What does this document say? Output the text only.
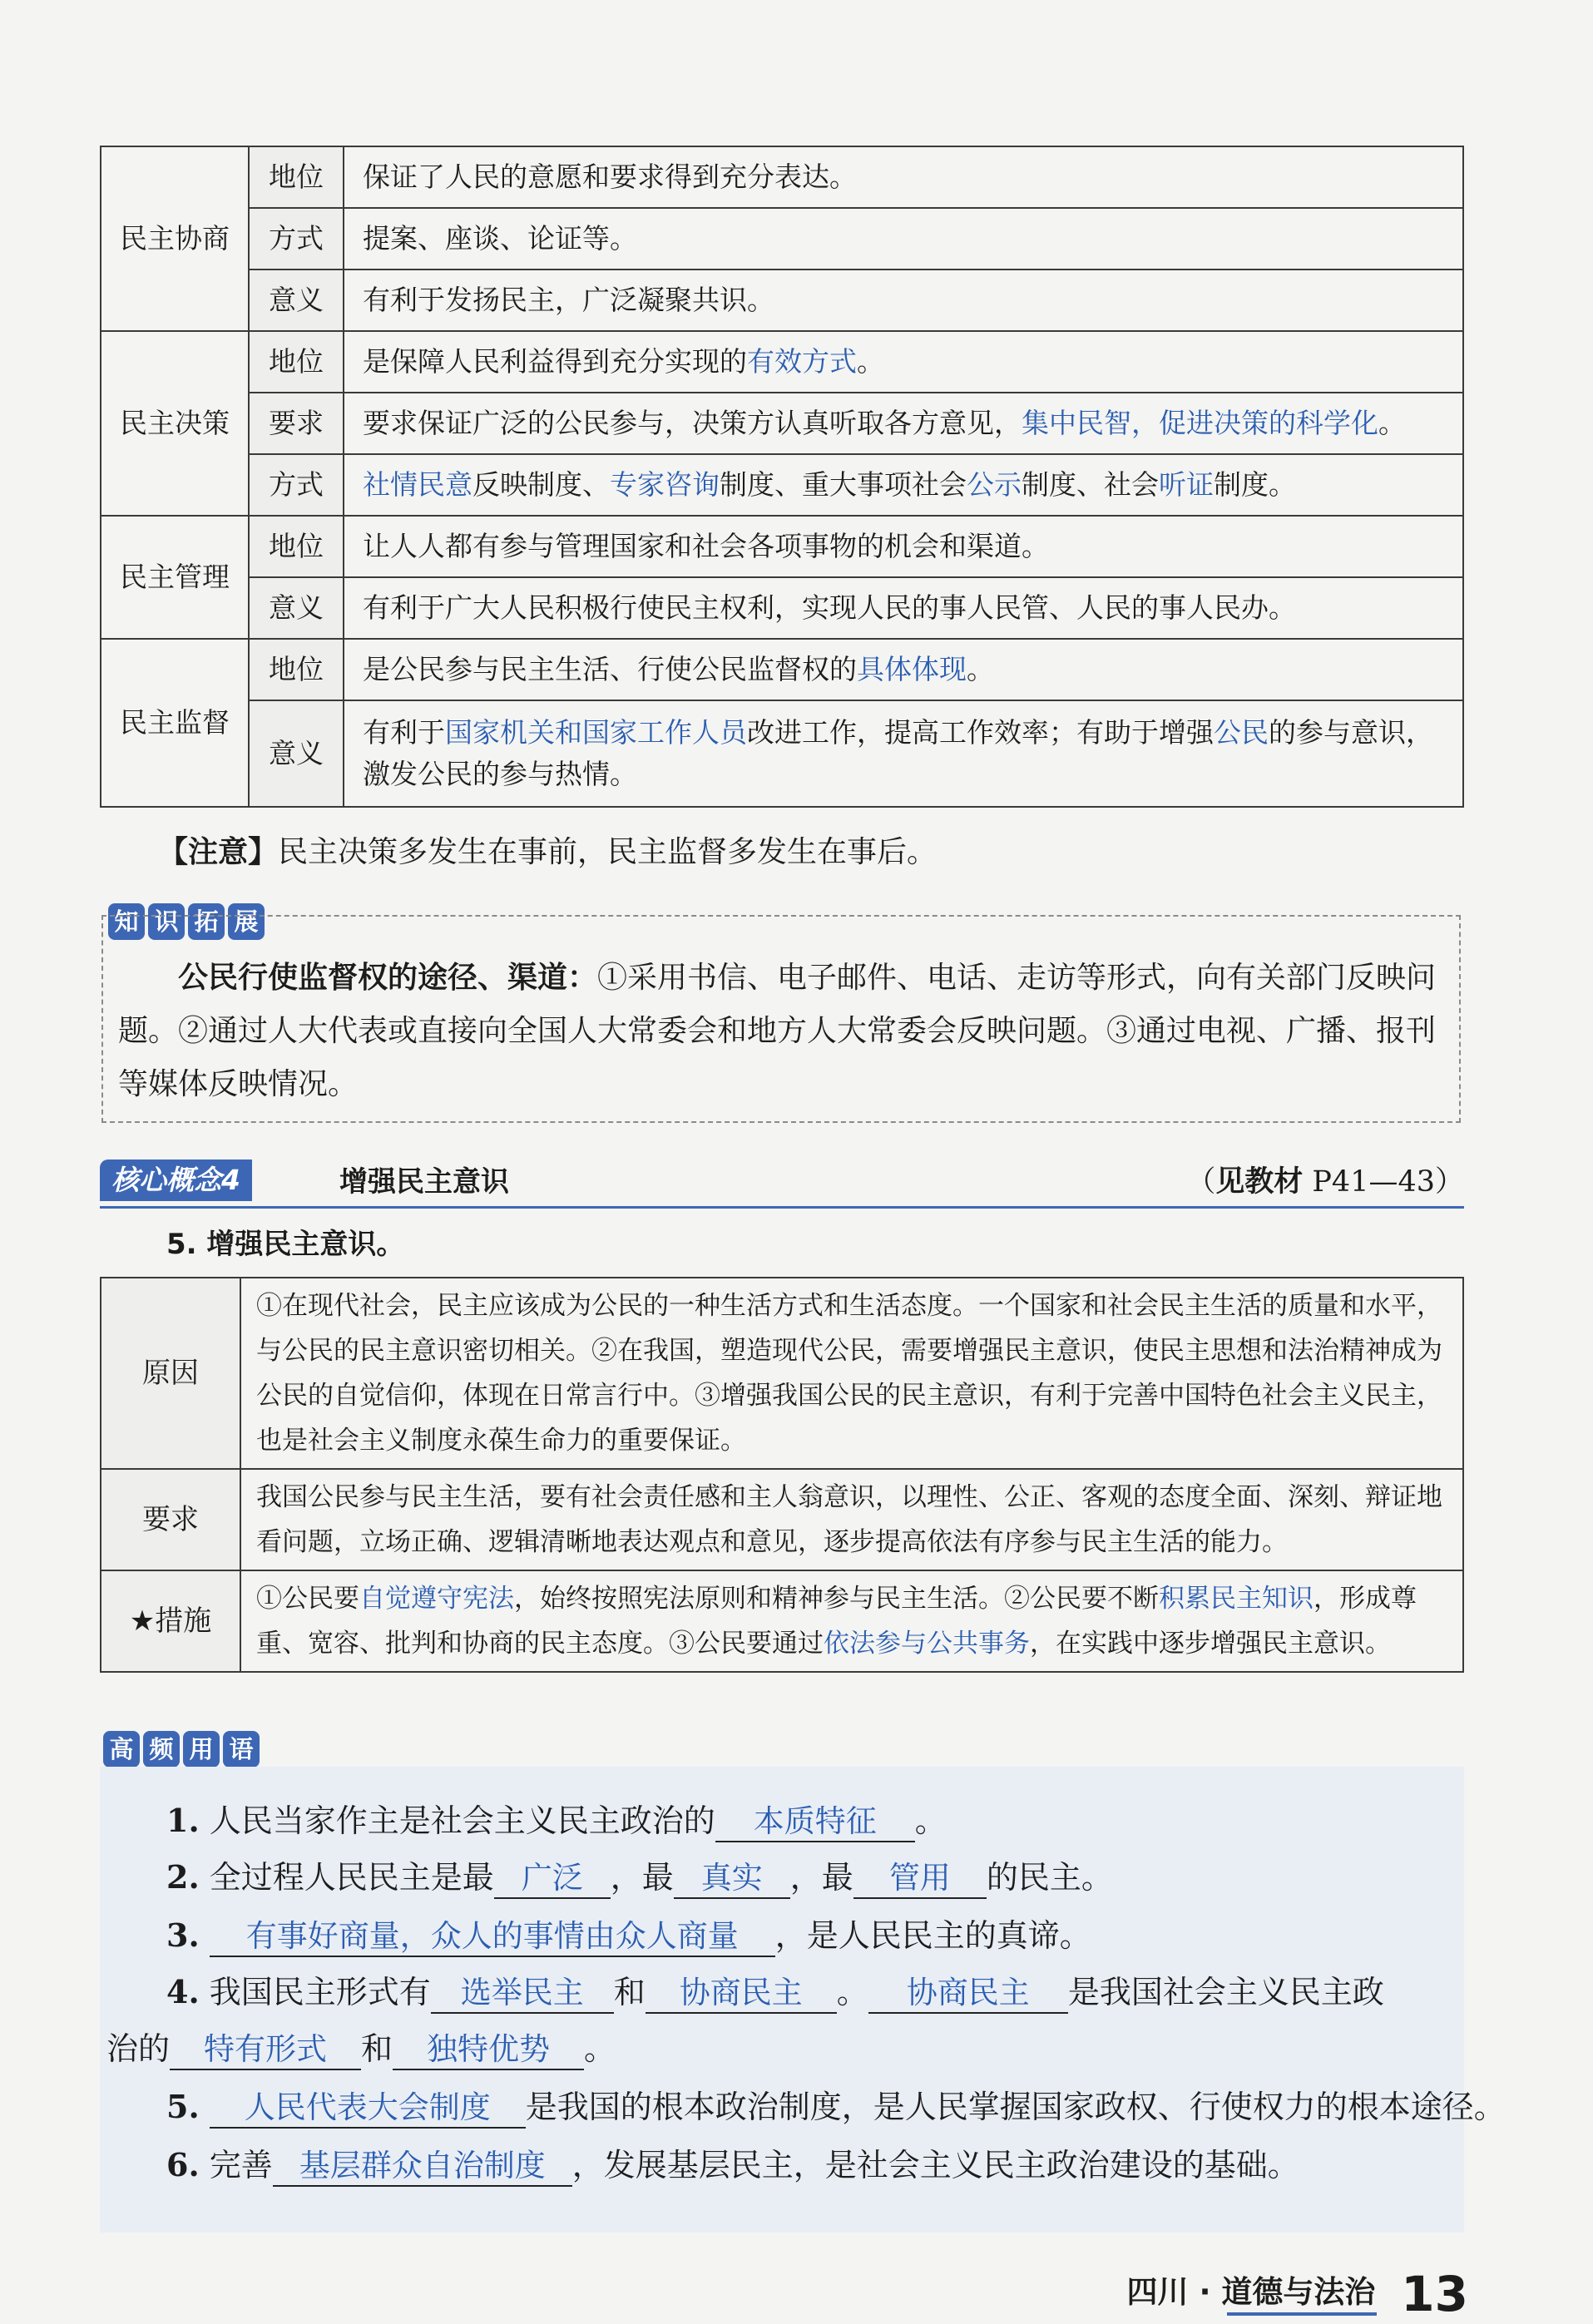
民主协商	地位	保证了人民的意愿和要求得到充分表达。
	方式	提案、座谈、论证等。
	意义	有利于发扬民主，广泛凝聚共识。
民主决策	地位	是保障人民利益得到充分实现的有效方式。
	要求	要求保证广泛的公民参与，决策方认真听取各方意见，集中民智，促进决策的科学化。
	方式	社情民意反映制度、专家咨询制度、重大事项社会公示制度、社会听证制度。
民主管理	地位	让人人都有参与管理国家和社会各项事物的机会和渠道。
	意义	有利于广大人民积极行使民主权利，实现人民的事人民管、人民的事人民办。
民主监督	地位	是公民参与民主生活、行使公民监督权的具体体现。
	意义	有利于国家机关和国家工作人员改进工作，提高工作效率；有助于增强公民的参与意识，激发公民的参与热情。
【注意】民主决策多发生在事前，民主监督多发生在事后。
知 识 拓 展
公民行使监督权的途径、渠道：①采用书信、电子邮件、电话、走访等形式，向有关部门反映问题。②通过人大代表或直接向全国人大常委会和地方人大常委会反映问题。③通过电视、广播、报刊等媒体反映情况。
核心概念4	增强民主意识	（见教材 P41—43）
5. 增强民主意识。
原因	①在现代社会，民主应该成为公民的一种生活方式和生活态度。一个国家和社会民主生活的质量和水平，与公民的民主意识密切相关。②在我国，塑造现代公民，需要增强民主意识，使民主思想和法治精神成为公民的自觉信仰，体现在日常言行中。③增强我国公民的民主意识，有利于完善中国特色社会主义民主，也是社会主义制度永葆生命力的重要保证。
要求	我国公民参与民主生活，要有社会责任感和主人翁意识，以理性、公正、客观的态度全面、深刻、辩证地看问题，立场正确、逻辑清晰地表达观点和意见，逐步提高依法有序参与民主生活的能力。
★措施	①公民要自觉遵守宪法，始终按照宪法原则和精神参与民主生活。②公民要不断积累民主知识，形成尊重、宽容、批判和协商的民主态度。③公民要通过依法参与公共事务，在实践中逐步增强民主意识。
高 频 用 语
1. 人民当家作主是社会主义民主政治的 本质特征 。
2. 全过程人民民主是最 广泛 ，最 真实 ，最 管用 的民主。
3. 有事好商量，众人的事情由众人商量 ，是人民民主的真谛。
4. 我国民主形式有 选举民主 和 协商民主 。 协商民主 是我国社会主义民主政
治的 特有形式 和 独特优势 。
5. 人民代表大会制度 是我国的根本政治制度，是人民掌握国家政权、行使权力的根本途径。
6. 完善 基层群众自治制度 ，发展基层民主，是社会主义民主政治建设的基础。
四川 · 道德与法治 13
